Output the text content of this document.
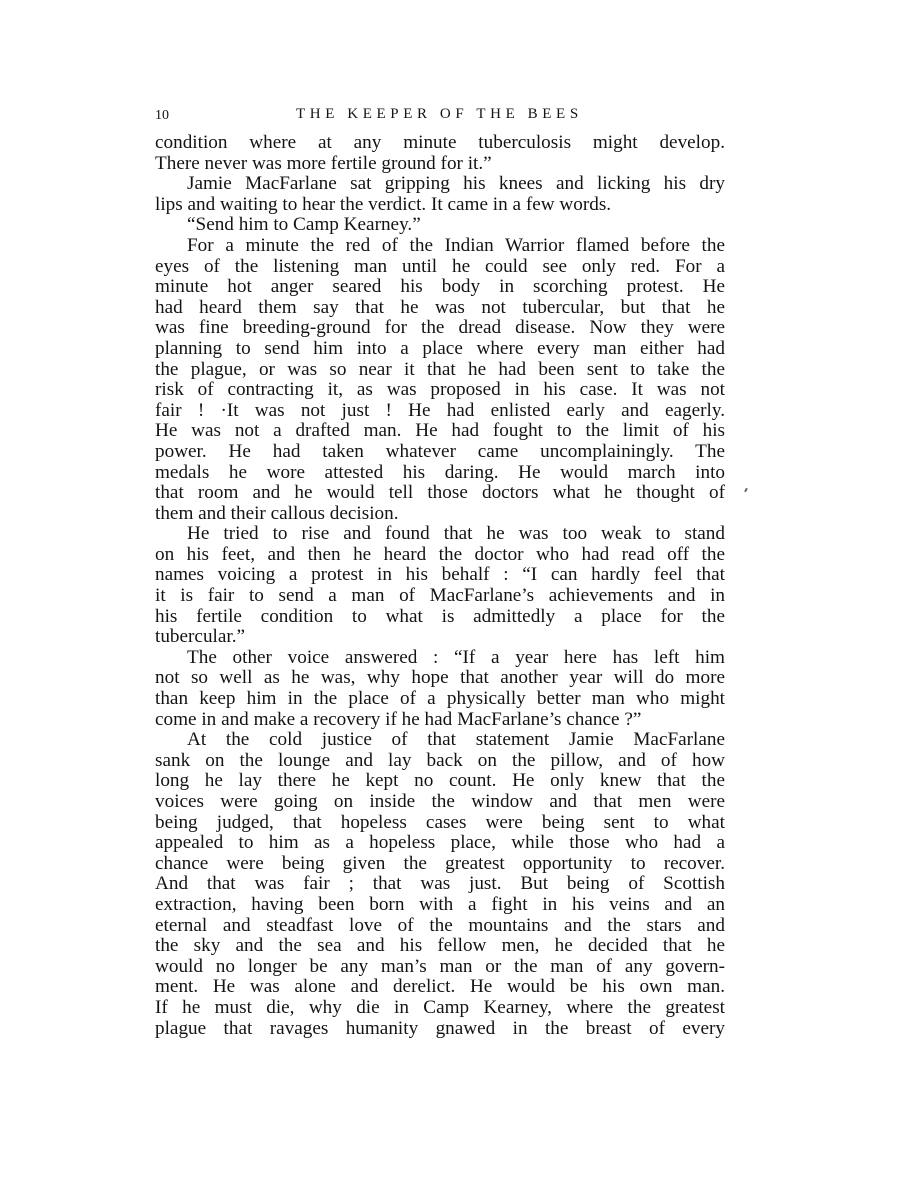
10	THE KEEPER OF THE BEES
condition where at any minute tuberculosis might develop.
There never was more fertile ground for it.”
Jamie MacFarlane sat gripping his knees and licking his dry
lips and waiting to hear the verdict. It came in a few words.
“Send him to Camp Kearney.”
For a minute the red of the Indian Warrior flamed before the
eyes of the listening man until he could see only red. For a
minute hot anger seared his body in scorching protest. He
had heard them say that he was not tubercular, but that he
was fine breeding-ground for the dread disease. Now they were
planning to send him into a place where every man either had
the plague, or was so near it that he had been sent to take the
risk of contracting it, as was proposed in his case. It was not
fair ! ·It was not just ! He had enlisted early and eagerly.
He was not a drafted man. He had fought to the limit of his
power. He had taken whatever came uncomplainingly. The
medals he wore attested his daring. He would march into
that room and he would tell those doctors what he thought of
them and their callous decision.
He tried to rise and found that he was too weak to stand
on his feet, and then he heard the doctor who had read off the
names voicing a protest in his behalf : “I can hardly feel that
it is fair to send a man of MacFarlane’s achievements and in
his fertile condition to what is admittedly a place for the
tubercular.”
The other voice answered : “If a year here has left him
not so well as he was, why hope that another year will do more
than keep him in the place of a physically better man who might
come in and make a recovery if he had MacFarlane’s chance ?”
At the cold justice of that statement Jamie MacFarlane
sank on the lounge and lay back on the pillow, and of how
long he lay there he kept no count. He only knew that the
voices were going on inside the window and that men were
being judged, that hopeless cases were being sent to what
appealed to him as a hopeless place, while those who had a
chance were being given the greatest opportunity to recover.
And that was fair ; that was just. But being of Scottish
extraction, having been born with a fight in his veins and an
eternal and steadfast love of the mountains and the stars and
the sky and the sea and his fellow men, he decided that he
would no longer be any man’s man or the man of any govern-
ment. He was alone and derelict. He would be his own man.
If he must die, why die in Camp Kearney, where the greatest
plague that ravages humanity gnawed in the breast of every
